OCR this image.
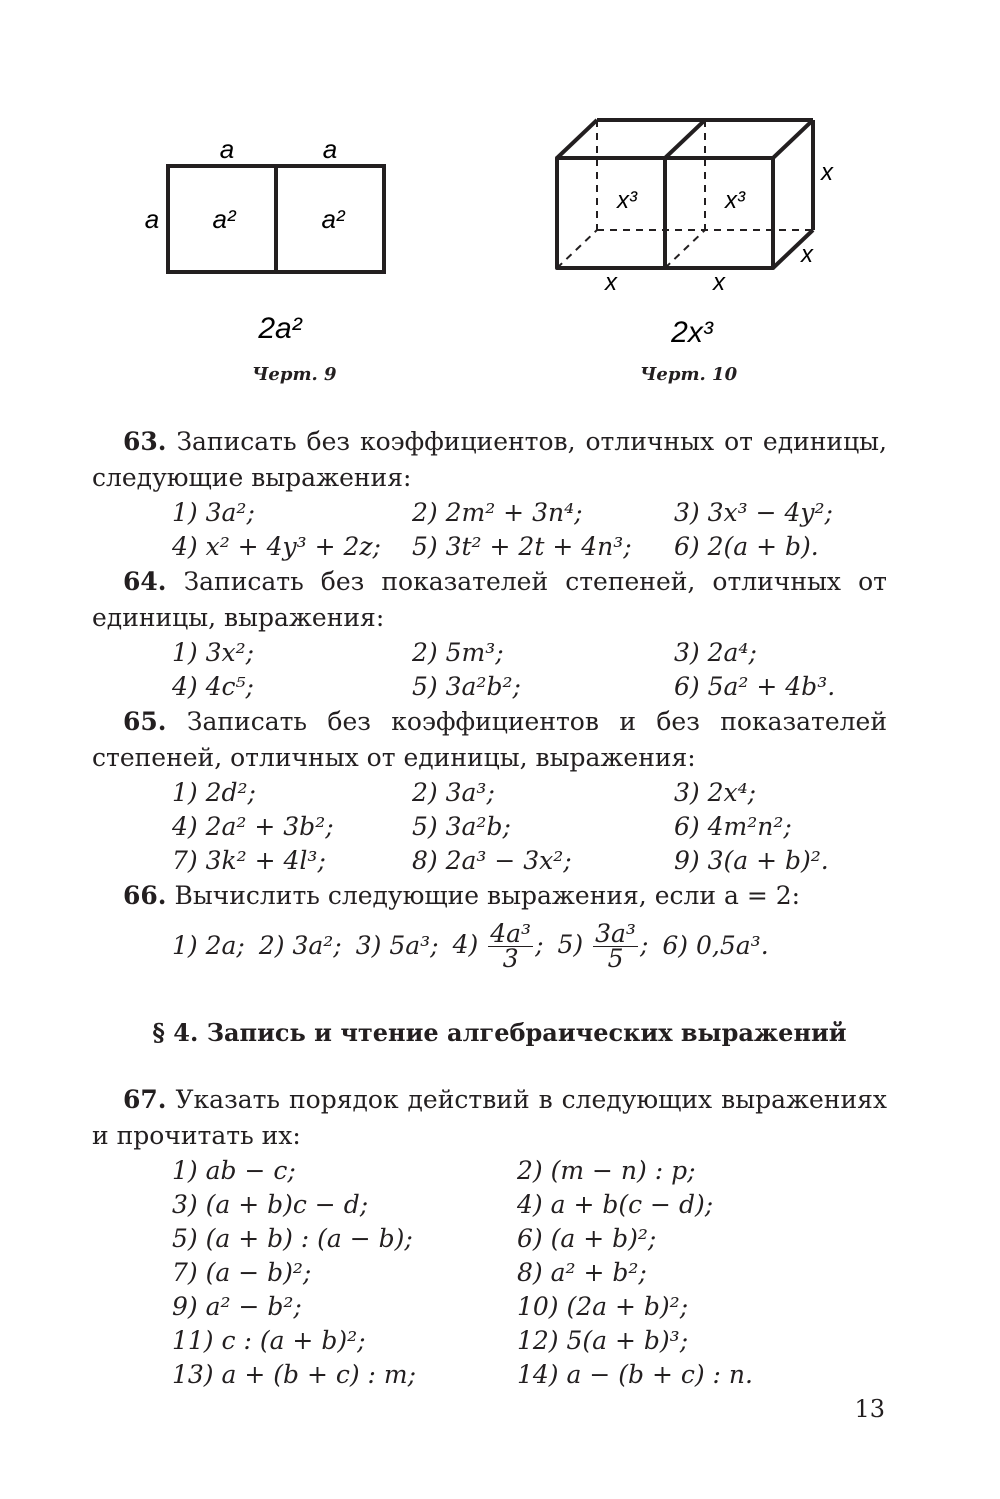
a	a
a a²	a²
2a²
Черт. 9
x³	x³
x
x
x	x
2x³
Черт. 10

63. Записать без коэффициентов, отличных от единицы, следующие выражения:

1) 3a²;	2) 2m² + 3n⁴;	3) 3x³ − 4y²;
4) x² + 4y³ + 2z;	5) 3t² + 2t + 4n³;	6) 2(a + b).

64. Записать без показателей степеней, отличных от единицы, выражения:

1) 3x²;	2) 5m³;	3) 2a⁴;
4) 4c⁵;	5) 3a²b²;	6) 5a² + 4b³.

65. Записать без коэффициентов и без показателей степеней, отличных от единицы, выражения:

1) 2d²;	2) 3a³;	3) 2x⁴;
4) 2a² + 3b²;	5) 3a²b;	6) 4m²n²;
7) 3k² + 4l³;	8) 2a³ − 3x²;	9) 3(a + b)².

66. Вычислить следующие выражения, если a = 2:

1) 2a; 2) 3a²; 3) 5a³; $4) \frac{\text{4a³}}{3}$ ; $5) \frac{\text{3a³}}{5}$ ; 6) 0,5a³.
§ 4. Запись и чтение алгебраических выражений

67. Указать порядок действий в следующих выражениях и прочитать их:

1) ab − c;	2) (m − n) : p;
3) (a + b)c − d;	4) a + b(c − d);
5) (a + b) : (a − b);	6) (a + b)²;
7) (a − b)²;	8) a² + b²;
9) a² − b²;	10) (2a + b)²;
11) c : (a + b)²;	12) 5(a + b)³;
13) a + (b + c) : m;	14) a − (b + c) : n.
13
